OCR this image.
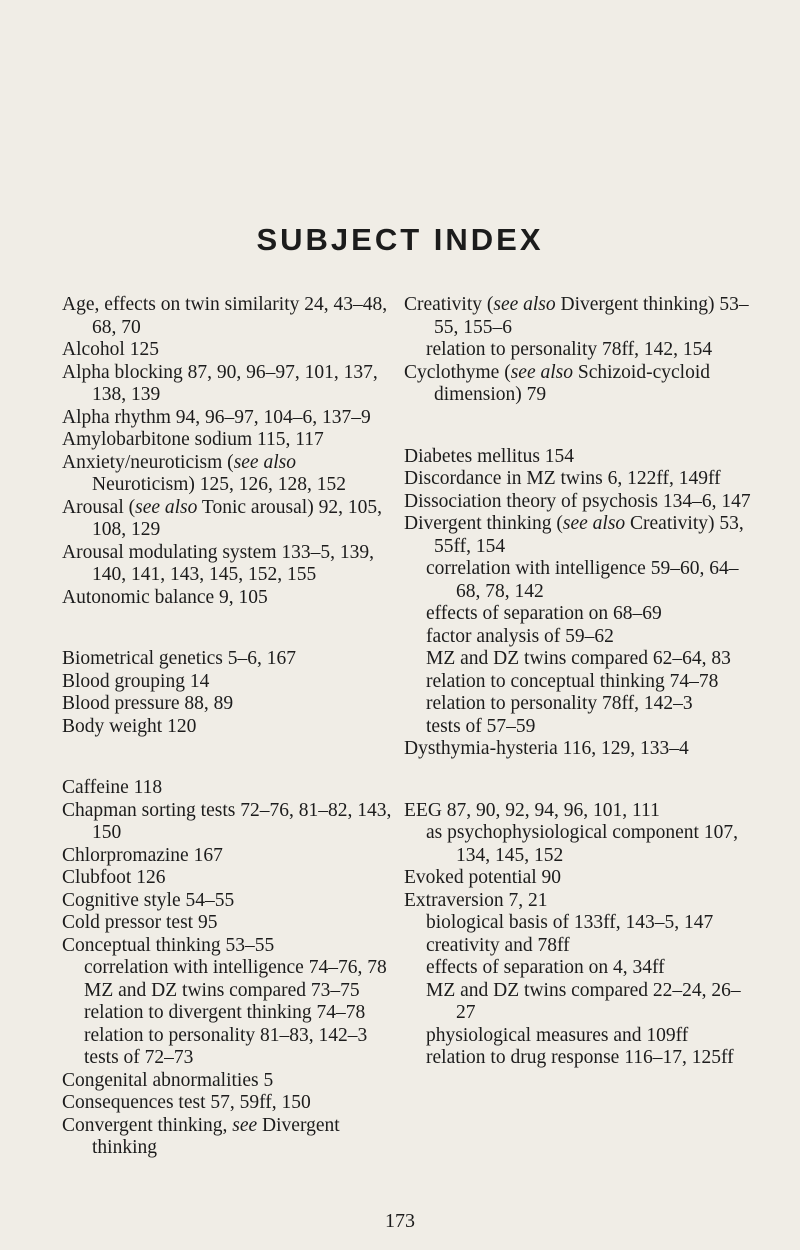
SUBJECT INDEX
Age, effects on twin similarity 24, 43–48, 68, 70
Alcohol 125
Alpha blocking 87, 90, 96–97, 101, 137, 138, 139
Alpha rhythm 94, 96–97, 104–6, 137–9
Amylobarbitone sodium 115, 117
Anxiety/neuroticism (see also Neuroticism) 125, 126, 128, 152
Arousal (see also Tonic arousal) 92, 105, 108, 129
Arousal modulating system 133–5, 139, 140, 141, 143, 145, 152, 155
Autonomic balance 9, 105
Biometrical genetics 5–6, 167
Blood grouping 14
Blood pressure 88, 89
Body weight 120
Caffeine 118
Chapman sorting tests 72–76, 81–82, 143, 150
Chlorpromazine 167
Clubfoot 126
Cognitive style 54–55
Cold pressor test 95
Conceptual thinking 53–55
correlation with intelligence 74–76, 78
MZ and DZ twins compared 73–75
relation to divergent thinking 74–78
relation to personality 81–83, 142–3
tests of 72–73
Congenital abnormalities 5
Consequences test 57, 59ff, 150
Convergent thinking, see Divergent thinking
Creativity (see also Divergent thinking) 53–55, 155–6
relation to personality 78ff, 142, 154
Cyclothyme (see also Schizoid-cycloid dimension) 79
Diabetes mellitus 154
Discordance in MZ twins 6, 122ff, 149ff
Dissociation theory of psychosis 134–6, 147
Divergent thinking (see also Creativity) 53, 55ff, 154
correlation with intelligence 59–60, 64–68, 78, 142
effects of separation on 68–69
factor analysis of 59–62
MZ and DZ twins compared 62–64, 83
relation to conceptual thinking 74–78
relation to personality 78ff, 142–3
tests of 57–59
Dysthymia-hysteria 116, 129, 133–4
EEG 87, 90, 92, 94, 96, 101, 111
as psychophysiological component 107, 134, 145, 152
Evoked potential 90
Extraversion 7, 21
biological basis of 133ff, 143–5, 147
creativity and 78ff
effects of separation on 4, 34ff
MZ and DZ twins compared 22–24, 26–27
physiological measures and 109ff
relation to drug response 116–17, 125ff
173
